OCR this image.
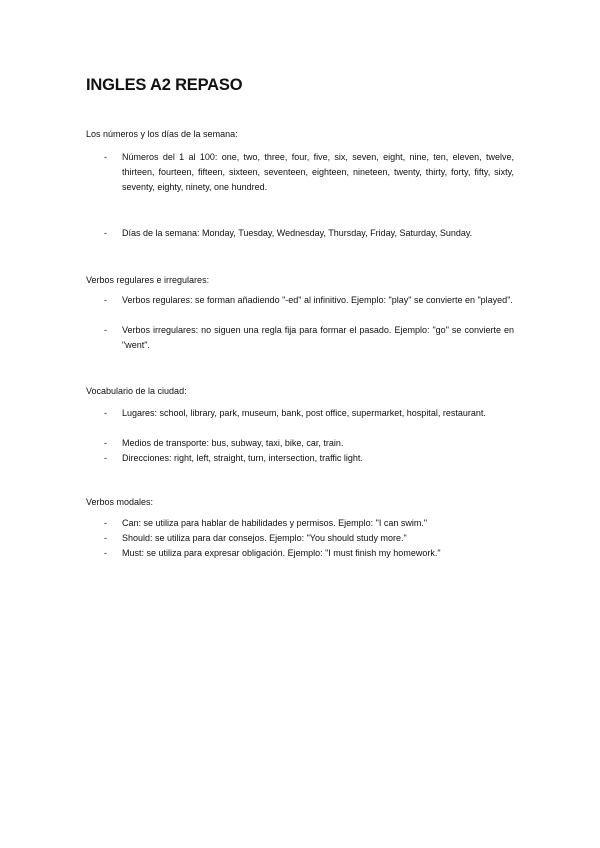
INGLES A2 REPASO
Los números y los días de la semana:
- Números del 1 al 100: one, two, three, four, five, six, seven, eight, nine, ten, eleven, twelve, thirteen, fourteen, fifteen, sixteen, seventeen, eighteen, nineteen, twenty, thirty, forty, fifty, sixty, seventy, eighty, ninety, one hundred.
- Días de la semana: Monday, Tuesday, Wednesday, Thursday, Friday, Saturday, Sunday.
Verbos regulares e irregulares:
- Verbos regulares: se forman añadiendo "-ed" al infinitivo. Ejemplo: "play" se convierte en "played".
- Verbos irregulares: no siguen una regla fija para formar el pasado. Ejemplo: "go" se convierte en "went".
Vocabulario de la ciudad:
- Lugares: school, library, park, museum, bank, post office, supermarket, hospital, restaurant.
- Medios de transporte: bus, subway, taxi, bike, car, train.
- Direcciones: right, left, straight, turn, intersection, traffic light.
Verbos modales:
- Can: se utiliza para hablar de habilidades y permisos. Ejemplo: "I can swim."
- Should: se utiliza para dar consejos. Ejemplo: "You should study more."
- Must: se utiliza para expresar obligación. Ejemplo: "I must finish my homework."
